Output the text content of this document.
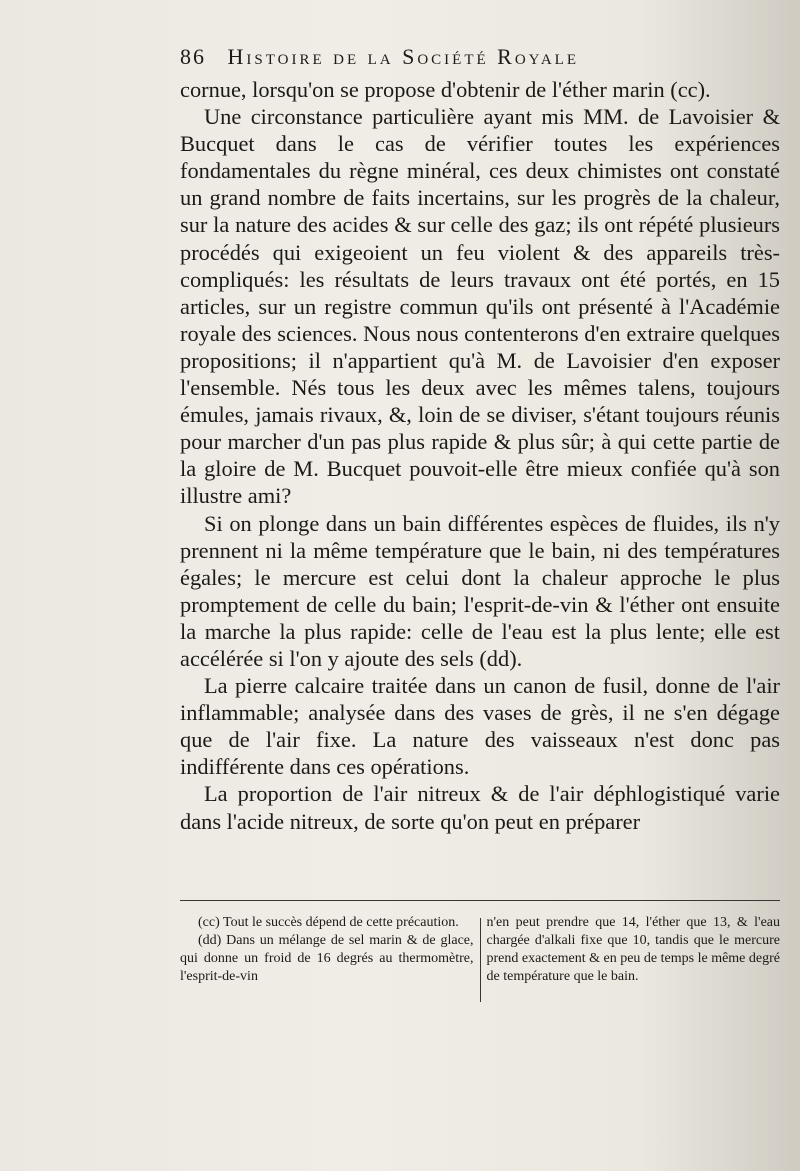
86 Histoire de la Société Royale

cornue, lorsqu'on se propose d'obtenir de l'éther marin (cc).

Une circonstance particulière ayant mis MM. de Lavoisier & Bucquet dans le cas de vérifier toutes les expériences fondamentales du règne minéral, ces deux chimistes ont constaté un grand nombre de faits incertains, sur les progrès de la chaleur, sur la nature des acides & sur celle des gaz; ils ont répété plusieurs procédés qui exigeoient un feu violent & des appareils très-compliqués: les résultats de leurs travaux ont été portés, en 15 articles, sur un registre commun qu'ils ont présenté à l'Académie royale des sciences. Nous nous contenterons d'en extraire quelques propositions; il n'appartient qu'à M. de Lavoisier d'en exposer l'ensemble. Nés tous les deux avec les mêmes talens, toujours émules, jamais rivaux, &, loin de se diviser, s'étant toujours réunis pour marcher d'un pas plus rapide & plus sûr; à qui cette partie de la gloire de M. Bucquet pouvoit-elle être mieux confiée qu'à son illustre ami?

Si on plonge dans un bain différentes espèces de fluides, ils n'y prennent ni la même température que le bain, ni des températures égales; le mercure est celui dont la chaleur approche le plus promptement de celle du bain; l'esprit-de-vin & l'éther ont ensuite la marche la plus rapide: celle de l'eau est la plus lente; elle est accélérée si l'on y ajoute des sels (dd).

La pierre calcaire traitée dans un canon de fusil, donne de l'air inflammable; analysée dans des vases de grès, il ne s'en dégage que de l'air fixe. La nature des vaisseaux n'est donc pas indifférente dans ces opérations.

La proportion de l'air nitreux & de l'air déphlogistiqué varie dans l'acide nitreux, de sorte qu'on peut en préparer

(cc) Tout le succès dépend de cette précaution.

(dd) Dans un mélange de sel marin & de glace, qui donne un froid de 16 degrés au thermomètre, l'esprit-de-vin

n'en peut prendre que 14, l'éther que 13, & l'eau chargée d'alkali fixe que 10, tandis que le mercure prend exactement & en peu de temps le même degré de température que le bain.
